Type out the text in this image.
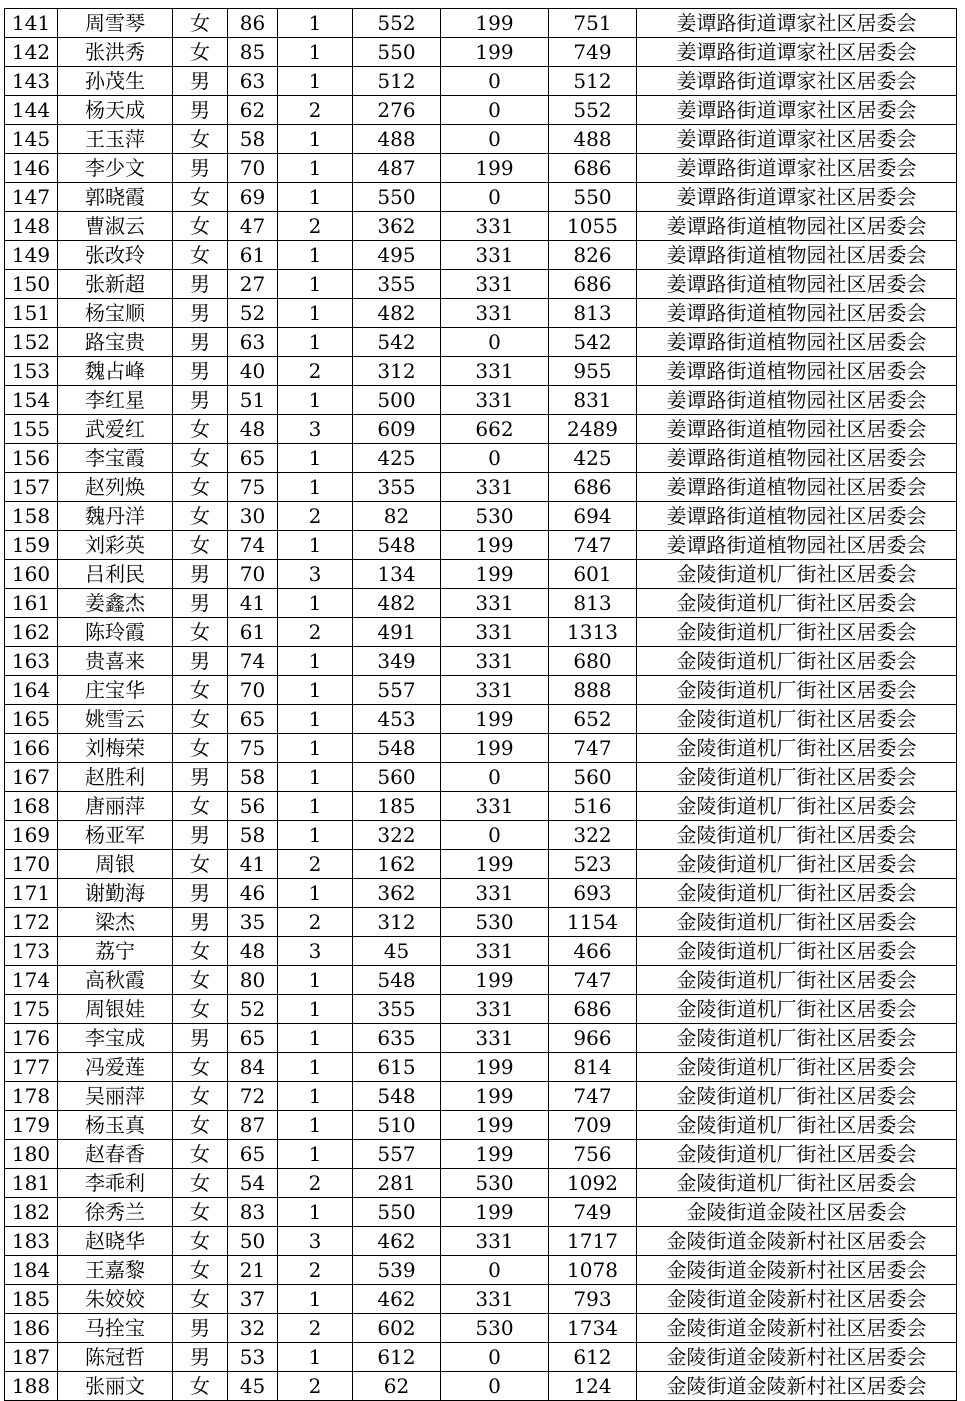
141	周雪琴	女	86	1	552	199	751	姜谭路街道谭家社区居委会
142	张洪秀	女	85	1	550	199	749	姜谭路街道谭家社区居委会
143	孙茂生	男	63	1	512	0	512	姜谭路街道谭家社区居委会
144	杨天成	男	62	2	276	0	552	姜谭路街道谭家社区居委会
145	王玉萍	女	58	1	488	0	488	姜谭路街道谭家社区居委会
146	李少文	男	70	1	487	199	686	姜谭路街道谭家社区居委会
147	郭晓霞	女	69	1	550	0	550	姜谭路街道谭家社区居委会
148	曹淑云	女	47	2	362	331	1055	姜谭路街道植物园社区居委会
149	张改玲	女	61	1	495	331	826	姜谭路街道植物园社区居委会
150	张新超	男	27	1	355	331	686	姜谭路街道植物园社区居委会
151	杨宝顺	男	52	1	482	331	813	姜谭路街道植物园社区居委会
152	路宝贵	男	63	1	542	0	542	姜谭路街道植物园社区居委会
153	魏占峰	男	40	2	312	331	955	姜谭路街道植物园社区居委会
154	李红星	男	51	1	500	331	831	姜谭路街道植物园社区居委会
155	武爱红	女	48	3	609	662	2489	姜谭路街道植物园社区居委会
156	李宝霞	女	65	1	425	0	425	姜谭路街道植物园社区居委会
157	赵列焕	女	75	1	355	331	686	姜谭路街道植物园社区居委会
158	魏丹洋	女	30	2	82	530	694	姜谭路街道植物园社区居委会
159	刘彩英	女	74	1	548	199	747	姜谭路街道植物园社区居委会
160	吕利民	男	70	3	134	199	601	金陵街道机厂街社区居委会
161	姜鑫杰	男	41	1	482	331	813	金陵街道机厂街社区居委会
162	陈玲霞	女	61	2	491	331	1313	金陵街道机厂街社区居委会
163	贵喜来	男	74	1	349	331	680	金陵街道机厂街社区居委会
164	庄宝华	女	70	1	557	331	888	金陵街道机厂街社区居委会
165	姚雪云	女	65	1	453	199	652	金陵街道机厂街社区居委会
166	刘梅荣	女	75	1	548	199	747	金陵街道机厂街社区居委会
167	赵胜利	男	58	1	560	0	560	金陵街道机厂街社区居委会
168	唐丽萍	女	56	1	185	331	516	金陵街道机厂街社区居委会
169	杨亚军	男	58	1	322	0	322	金陵街道机厂街社区居委会
170	周银	女	41	2	162	199	523	金陵街道机厂街社区居委会
171	谢勤海	男	46	1	362	331	693	金陵街道机厂街社区居委会
172	梁杰	男	35	2	312	530	1154	金陵街道机厂街社区居委会
173	荔宁	女	48	3	45	331	466	金陵街道机厂街社区居委会
174	高秋霞	女	80	1	548	199	747	金陵街道机厂街社区居委会
175	周银娃	女	52	1	355	331	686	金陵街道机厂街社区居委会
176	李宝成	男	65	1	635	331	966	金陵街道机厂街社区居委会
177	冯爱莲	女	84	1	615	199	814	金陵街道机厂街社区居委会
178	吴丽萍	女	72	1	548	199	747	金陵街道机厂街社区居委会
179	杨玉真	女	87	1	510	199	709	金陵街道机厂街社区居委会
180	赵春香	女	65	1	557	199	756	金陵街道机厂街社区居委会
181	李乖利	女	54	2	281	530	1092	金陵街道机厂街社区居委会
182	徐秀兰	女	83	1	550	199	749	金陵街道金陵社区居委会
183	赵晓华	女	50	3	462	331	1717	金陵街道金陵新村社区居委会
184	王嘉黎	女	21	2	539	0	1078	金陵街道金陵新村社区居委会
185	朱姣姣	女	37	1	462	331	793	金陵街道金陵新村社区居委会
186	马拴宝	男	32	2	602	530	1734	金陵街道金陵新村社区居委会
187	陈冠哲	男	53	1	612	0	612	金陵街道金陵新村社区居委会
188	张丽文	女	45	2	62	0	124	金陵街道金陵新村社区居委会
